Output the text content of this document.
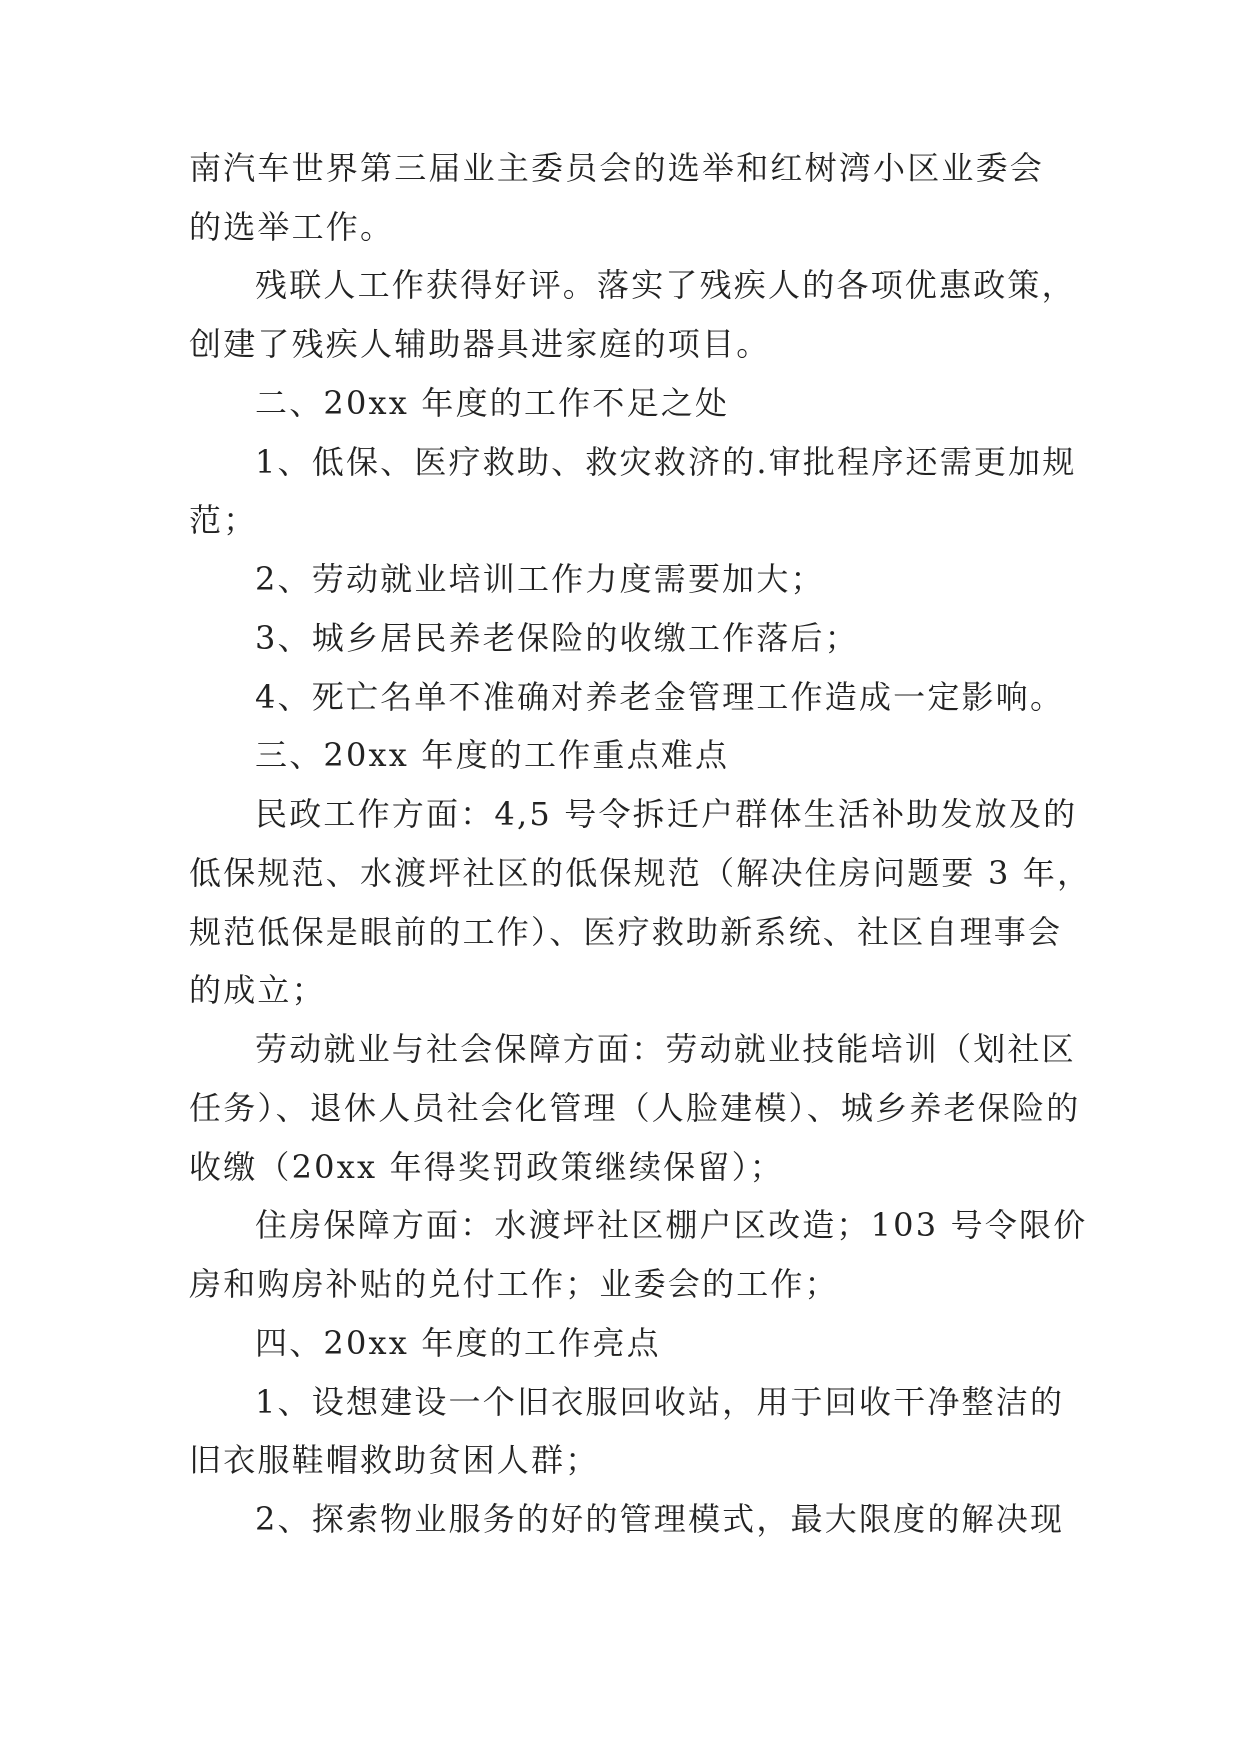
南汽车世界第三届业主委员会的选举和红树湾小区业委会
的选举工作。
残联人工作获得好评。落实了残疾人的各项优惠政策，
创建了残疾人辅助器具进家庭的项目。
二、20xx 年度的工作不足之处
1、低保、医疗救助、救灾救济的.审批程序还需更加规
范；
2、劳动就业培训工作力度需要加大；
3、城乡居民养老保险的收缴工作落后；
4、死亡名单不准确对养老金管理工作造成一定影响。
三、20xx 年度的工作重点难点
民政工作方面：4,5 号令拆迁户群体生活补助发放及的
低保规范、水渡坪社区的低保规范（解决住房问题要 3 年，
规范低保是眼前的工作）、医疗救助新系统、社区自理事会
的成立；
劳动就业与社会保障方面：劳动就业技能培训（划社区
任务）、退休人员社会化管理（人脸建模）、城乡养老保险的
收缴（20xx 年得奖罚政策继续保留）；
住房保障方面：水渡坪社区棚户区改造；103 号令限价
房和购房补贴的兑付工作；业委会的工作；
四、20xx 年度的工作亮点
1、设想建设一个旧衣服回收站，用于回收干净整洁的
旧衣服鞋帽救助贫困人群；
2、探索物业服务的好的管理模式，最大限度的解决现
